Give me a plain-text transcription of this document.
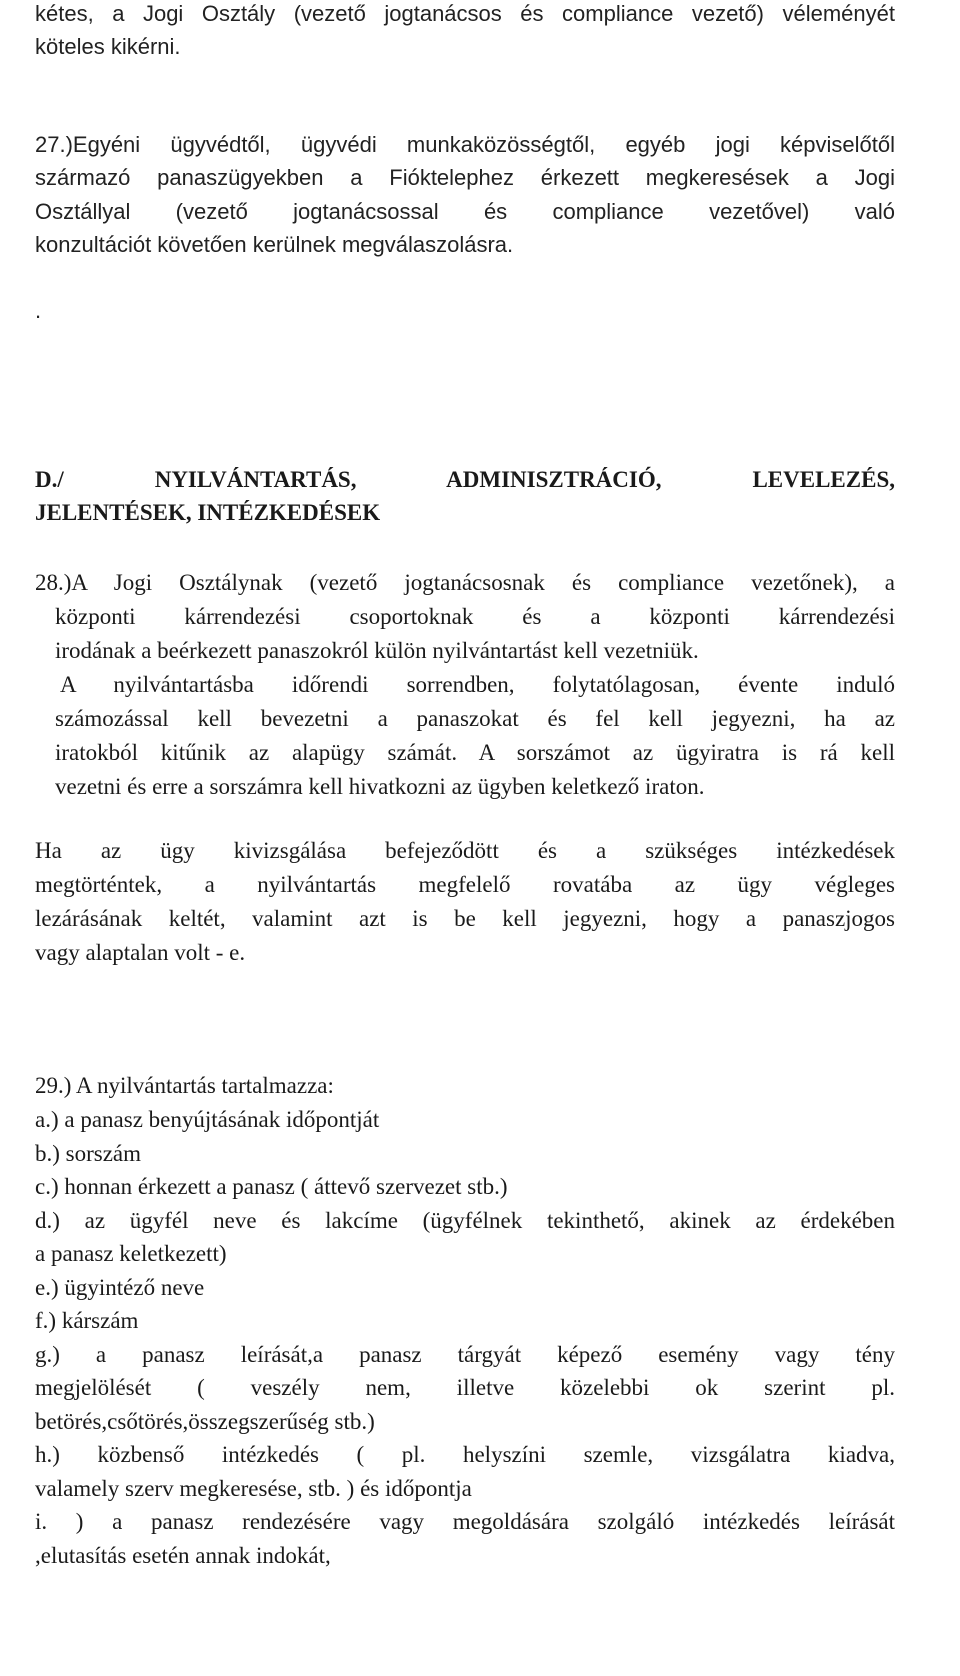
kétes, a Jogi Osztály (vezető jogtanácsos és compliance vezető) véleményét
köteles kikérni.
27.)Egyéni ügyvédtől, ügyvédi munkaközösségtől, egyéb jogi képviselőtől
származó panaszügyekben a Fióktelephez érkezett megkeresések a Jogi
Osztállyal (vezető jogtanácsossal és compliance vezetővel) való
konzultációt követően kerülnek megválaszolásra.
.
D./ NYILVÁNTARTÁS, ADMINISZTRÁCIÓ, LEVELEZÉS,
JELENTÉSEK, INTÉZKEDÉSEK
28.)A Jogi Osztálynak (vezető jogtanácsosnak és compliance vezetőnek), a
központi kárrendezési csoportoknak és a központi kárrendezési
irodának a beérkezett panaszokról külön nyilvántartást kell vezetniük.
A nyilvántartásba időrendi sorrendben, folytatólagosan, évente induló
számozással kell bevezetni a panaszokat és fel kell jegyezni, ha az
iratokból kitűnik az alapügy számát. A sorszámot az ügyiratra is rá kell
vezetni és erre a sorszámra kell hivatkozni az ügyben keletkező iraton.
Ha az ügy kivizsgálása befejeződött és a szükséges intézkedések
megtörténtek, a nyilvántartás megfelelő rovatába az ügy végleges
lezárásának keltét, valamint azt is be kell jegyezni, hogy a panaszjogos
vagy alaptalan volt - e.
29.) A nyilvántartás tartalmazza:
a.) a panasz benyújtásának időpontját
b.) sorszám
c.) honnan érkezett a panasz ( áttevő szervezet stb.)
d.) az ügyfél neve és lakcíme (ügyfélnek tekinthető, akinek az érdekében
a panasz keletkezett)
e.) ügyintéző neve
f.) kárszám
g.) a panasz leírását,a panasz tárgyát képező esemény vagy tény
megjelölését ( veszély nem, illetve közelebbi ok szerint pl.
betörés,csőtörés,összegszerűség stb.)
h.) közbenső intézkedés ( pl. helyszíni szemle, vizsgálatra kiadva,
valamely szerv megkeresése, stb. ) és időpontja
i. ) a panasz rendezésére vagy megoldására szolgáló intézkedés leírását
,elutasítás esetén annak indokát,
